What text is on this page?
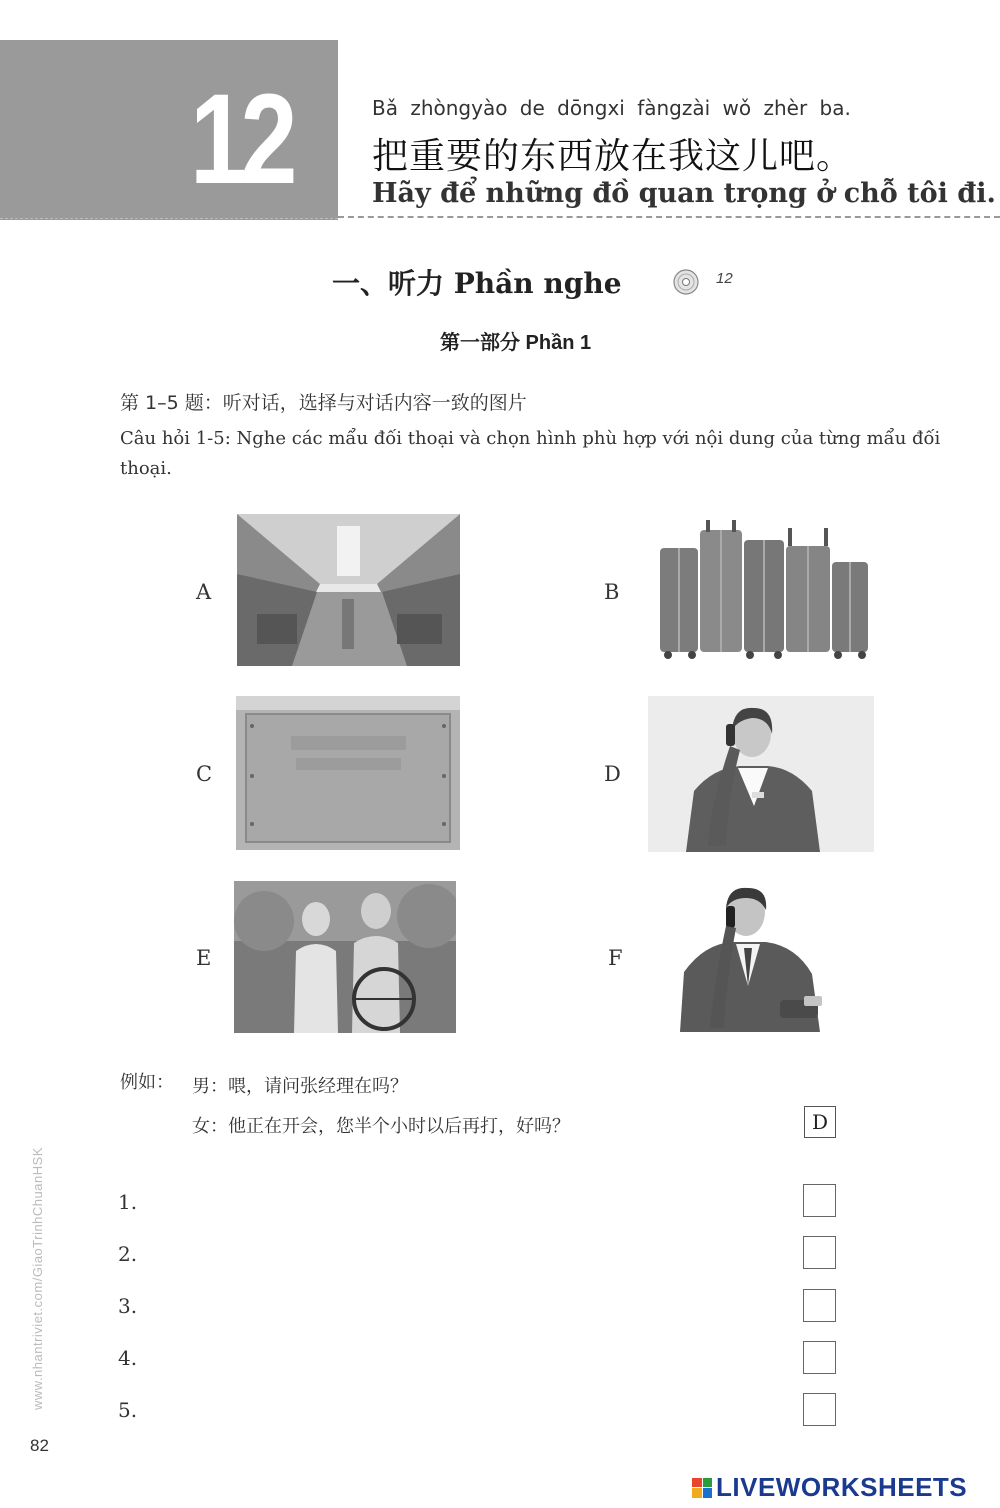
12	Bǎ zhòngyào de dōngxi fàngzài wǒ zhèr ba.
把重要的东西放在我这儿吧。
Hãy để những đồ quan trọng ở chỗ tôi đi.
一、听力 Phần nghe	12
第一部分 Phần 1
第 1–5 题：听对话，选择与对话内容一致的图片
Câu hỏi 1-5: Nghe các mẩu đối thoại và chọn hình phù hợp với nội dung của từng mẩu đối thoại.
A	B
C	D
E	F
例如： 男：喂，请问张经理在吗？
女：他正在开会，您半个小时以后再打，好吗？	D
1.
2.
3.
4.
5.
www.nhantriviet.com/GiaoTrinhChuanHSK
82
LIVEWORKSHEETS
